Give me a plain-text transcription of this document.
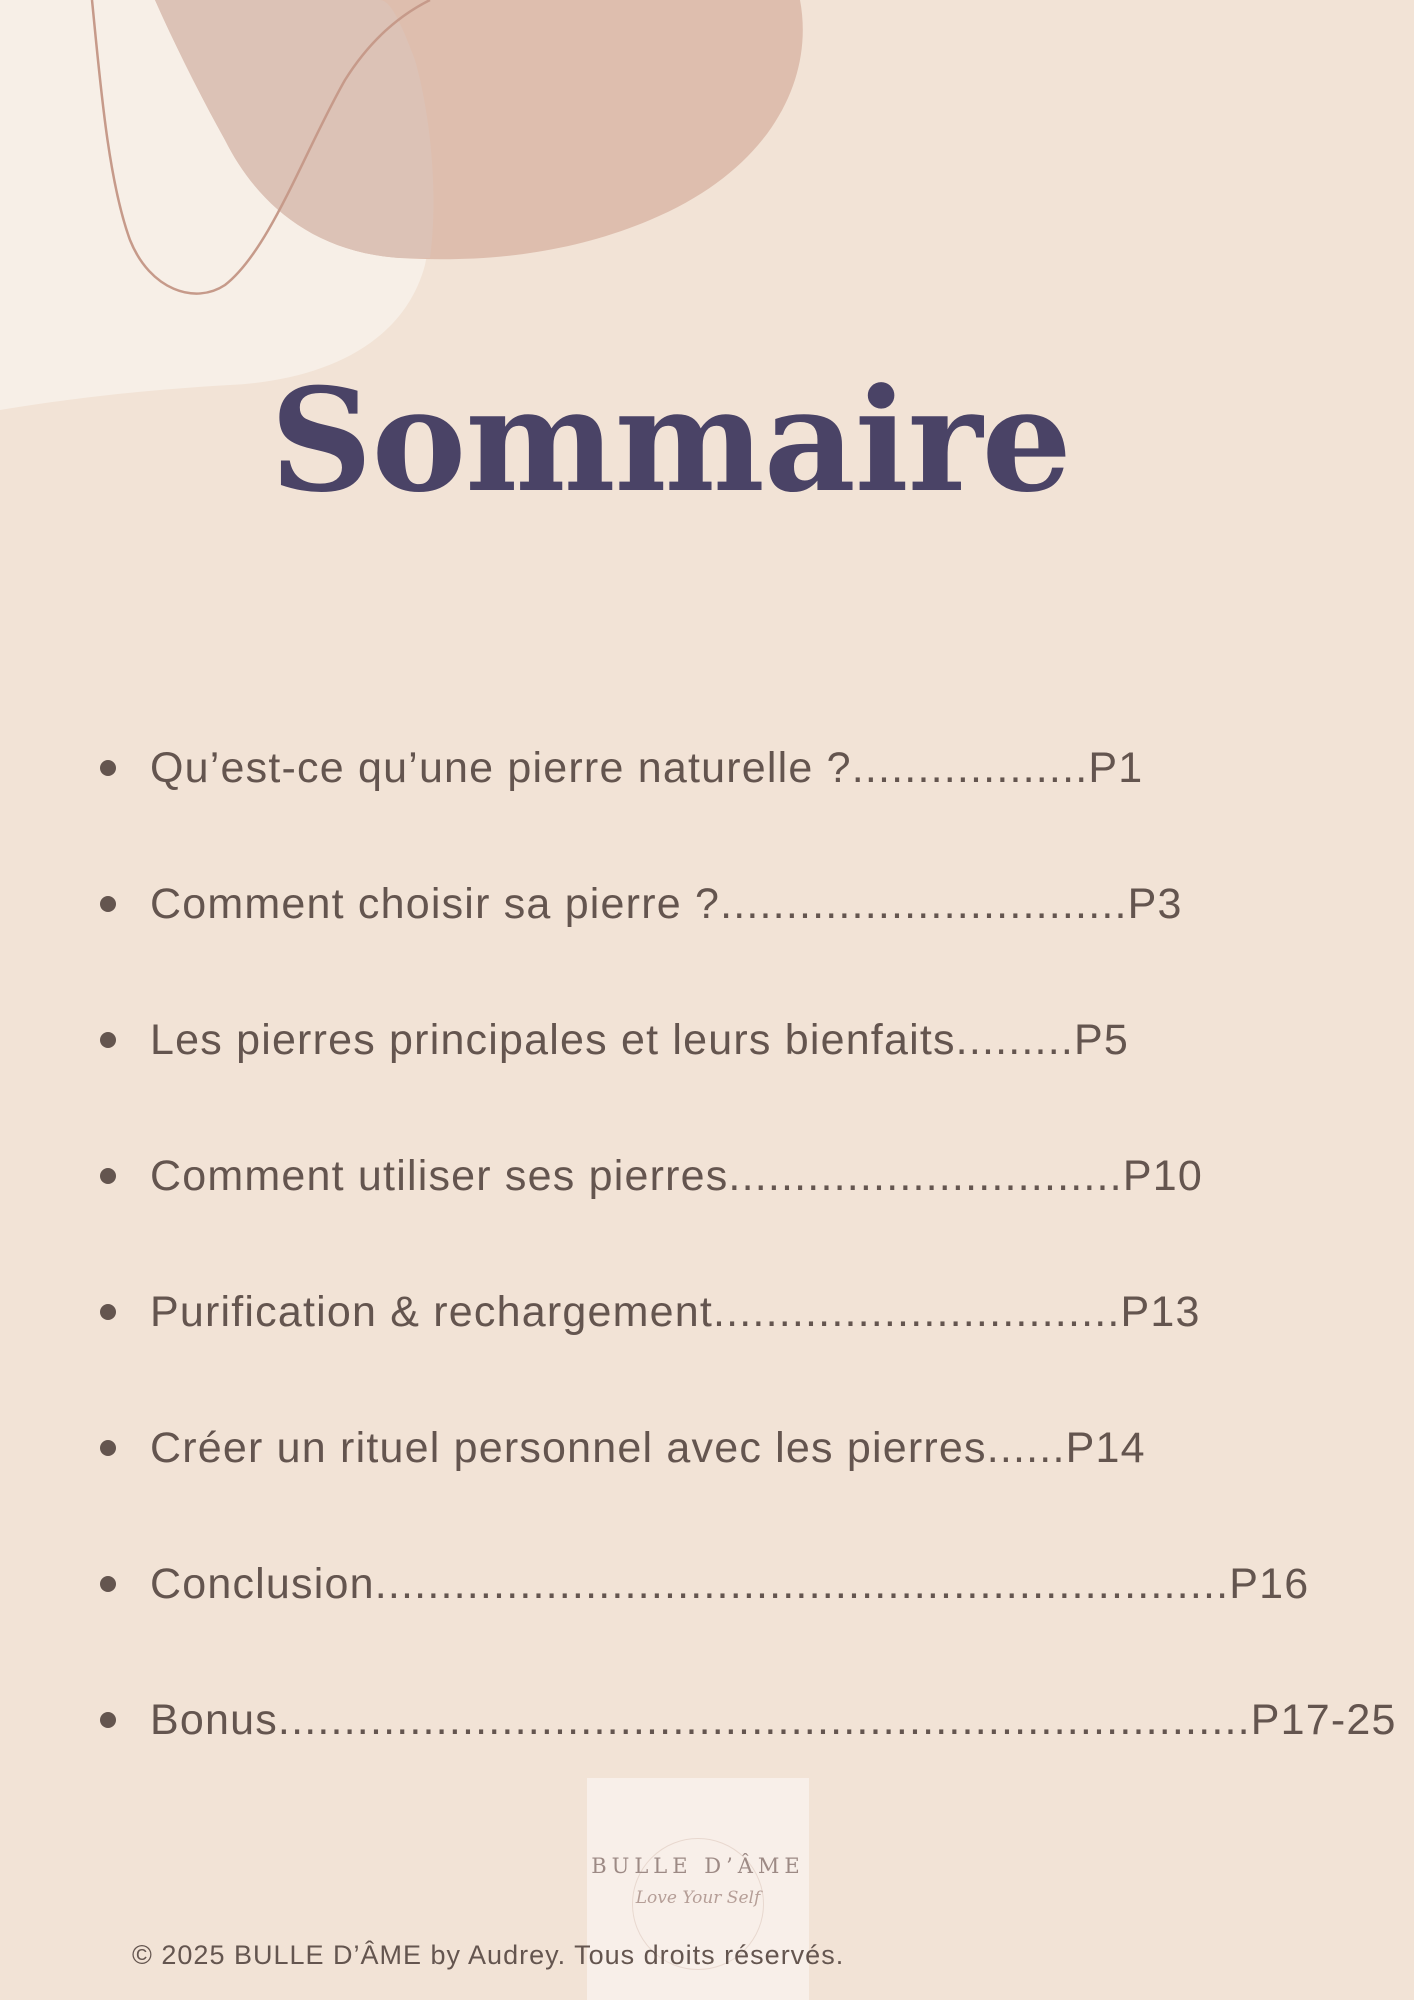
Sommaire
Qu’est-ce qu’une pierre naturelle ?..................P1
Comment choisir sa pierre ?...............................P3
Les pierres principales et leurs bienfaits.........P5
Comment utiliser ses pierres..............................P10
Purification & rechargement...............................P13
Créer un rituel personnel avec les pierres......P14
Conclusion.................................................................P16
Bonus..........................................................................P17-25
BULLE D’ÂME
Love Your Self

© 2025 BULLE D’ÂME by Audrey. Tous droits réservés.
